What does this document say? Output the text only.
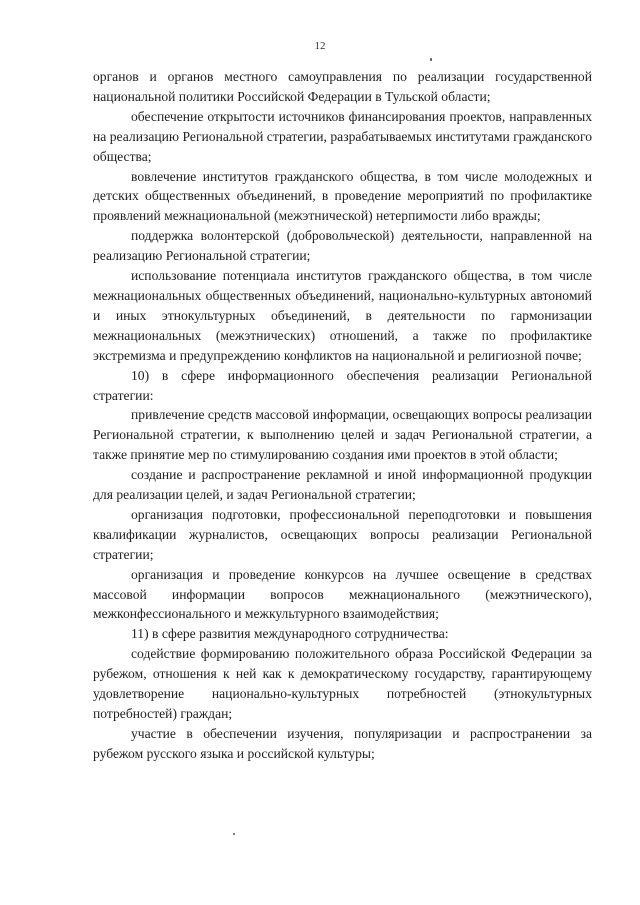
12

органов и органов местного самоуправления по реализации государственной национальной политики Российской Федерации в Тульской области;

обеспечение открытости источников финансирования проектов, направленных на реализацию Региональной стратегии, разрабатываемых институтами гражданского общества;

вовлечение институтов гражданского общества, в том числе молодежных и детских общественных объединений, в проведение мероприятий по профилактике проявлений межнациональной (межэтнической) нетерпимости либо вражды;

поддержка волонтерской (добровольческой) деятельности, направленной на реализацию Региональной стратегии;

использование потенциала институтов гражданского общества, в том числе межнациональных общественных объединений, национально-культурных автономий и иных этнокультурных объединений, в деятельности по гармонизации межнациональных (межэтнических) отношений, а также по профилактике экстремизма и предупреждению конфликтов на национальной и религиозной почве;

10) в сфере информационного обеспечения реализации Региональной стратегии:

привлечение средств массовой информации, освещающих вопросы реализации Региональной стратегии, к выполнению целей и задач Региональной стратегии, а также принятие мер по стимулированию создания ими проектов в этой области;

создание и распространение рекламной и иной информационной продукции для реализации целей, и задач Региональной стратегии;

организация подготовки, профессиональной переподготовки и повышения квалификации журналистов, освещающих вопросы реализации Региональной стратегии;

организация и проведение конкурсов на лучшее освещение в средствах массовой информации вопросов межнационального (межэтнического), межконфессионального и межкультурного взаимодействия;

11) в сфере развития международного сотрудничества:

содействие формированию положительного образа Российской Федерации за рубежом, отношения к ней как к демократическому государству, гарантирующему удовлетворение национально-культурных потребностей (этнокультурных потребностей) граждан;

участие в обеспечении изучения, популяризации и распространении за рубежом русского языка и российской культуры;
